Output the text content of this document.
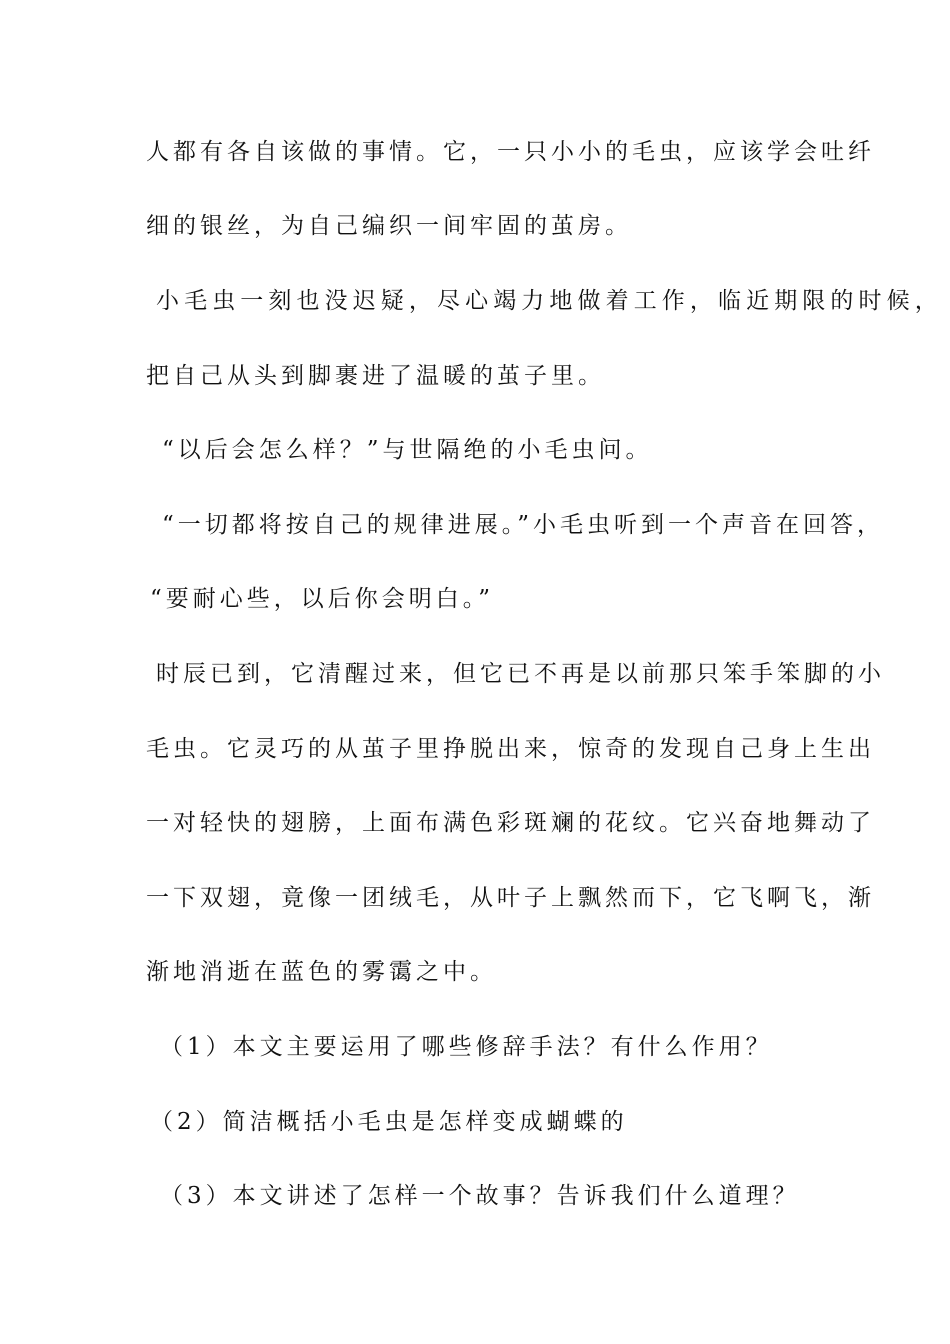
人都有各自该做的事情。它，一只小小的毛虫，应该学会吐纤
细的银丝，为自己编织一间牢固的茧房。
小毛虫一刻也没迟疑，尽心竭力地做着工作，临近期限的时候，
把自己从头到脚裹进了温暖的茧子里。
“以后会怎么样？”与世隔绝的小毛虫问。
“一切都将按自己的规律进展。”小毛虫听到一个声音在回答，
“要耐心些，以后你会明白。”
时辰已到，它清醒过来，但它已不再是以前那只笨手笨脚的小
毛虫。它灵巧的从茧子里挣脱出来，惊奇的发现自己身上生出
一对轻快的翅膀，上面布满色彩斑斓的花纹。它兴奋地舞动了
一下双翅，竟像一团绒毛，从叶子上飘然而下，它飞啊飞，渐
渐地消逝在蓝色的雾霭之中。
（1）本文主要运用了哪些修辞手法？有什么作用？
（2）简洁概括小毛虫是怎样变成蝴蝶的
（3）本文讲述了怎样一个故事？告诉我们什么道理？
